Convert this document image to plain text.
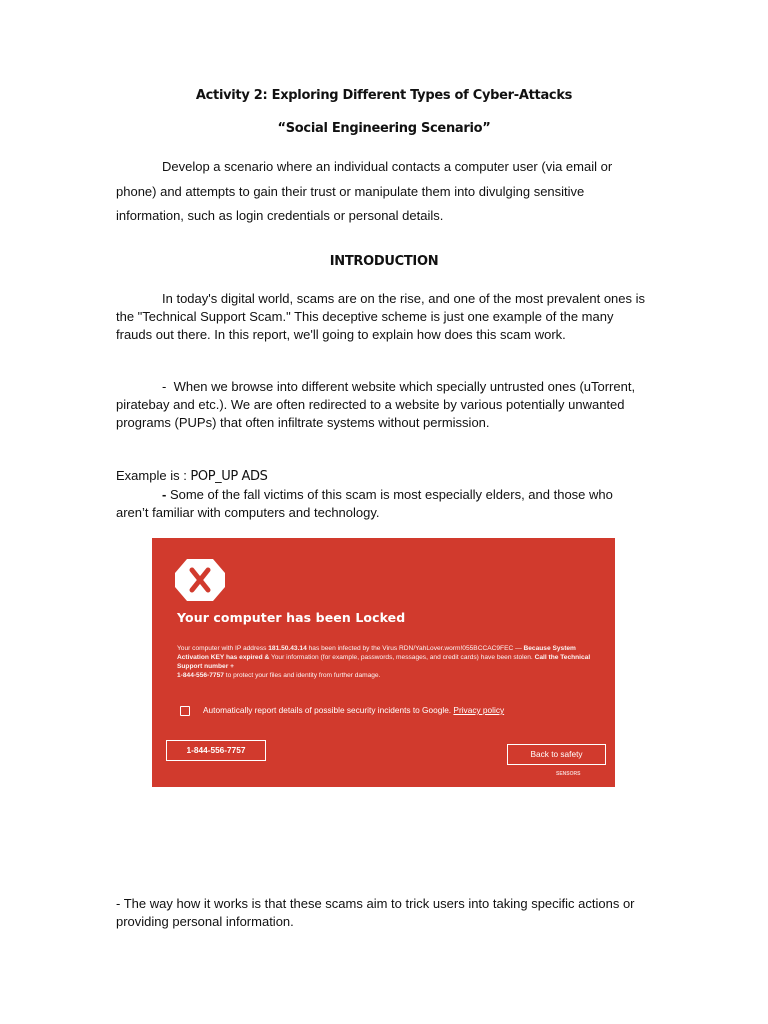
Activity 2: Exploring Different Types of Cyber-Attacks
“Social Engineering Scenario”
Develop a scenario where an individual contacts a computer user (via email or phone) and attempts to gain their trust or manipulate them into divulging sensitive information, such as login credentials or personal details.
INTRODUCTION
In today's digital world, scams are on the rise, and one of the most prevalent ones is the "Technical Support Scam." This deceptive scheme is just one example of the many frauds out there. In this report, we'll going to explain how does this scam work.
- When we browse into different website which specially untrusted ones (uTorrent, piratebay and etc.). We are often redirected to a website by various potentially unwanted programs (PUPs) that often infiltrate systems without permission.
Example is : POP_UP ADS
- Some of the fall victims of this scam is most especially elders, and those who aren’t familiar with computers and technology.
Your computer has been Locked
Your computer with IP address 181.50.43.14 has been infected by the Virus RDN/YahLover.worm!055BCCAC9FEC — Because System Activation KEY has expired & Your information (for example, passwords, messages, and credit cards) have been stolen. Call the Technical Support number +
1-844-556-7757 to protect your files and identity from further damage.
Automatically report details of possible security incidents to Google. Privacy policy
1-844-556-7757	Back to safety
SENSORS
- The way how it works is that these scams aim to trick users into taking specific actions or providing personal information.
